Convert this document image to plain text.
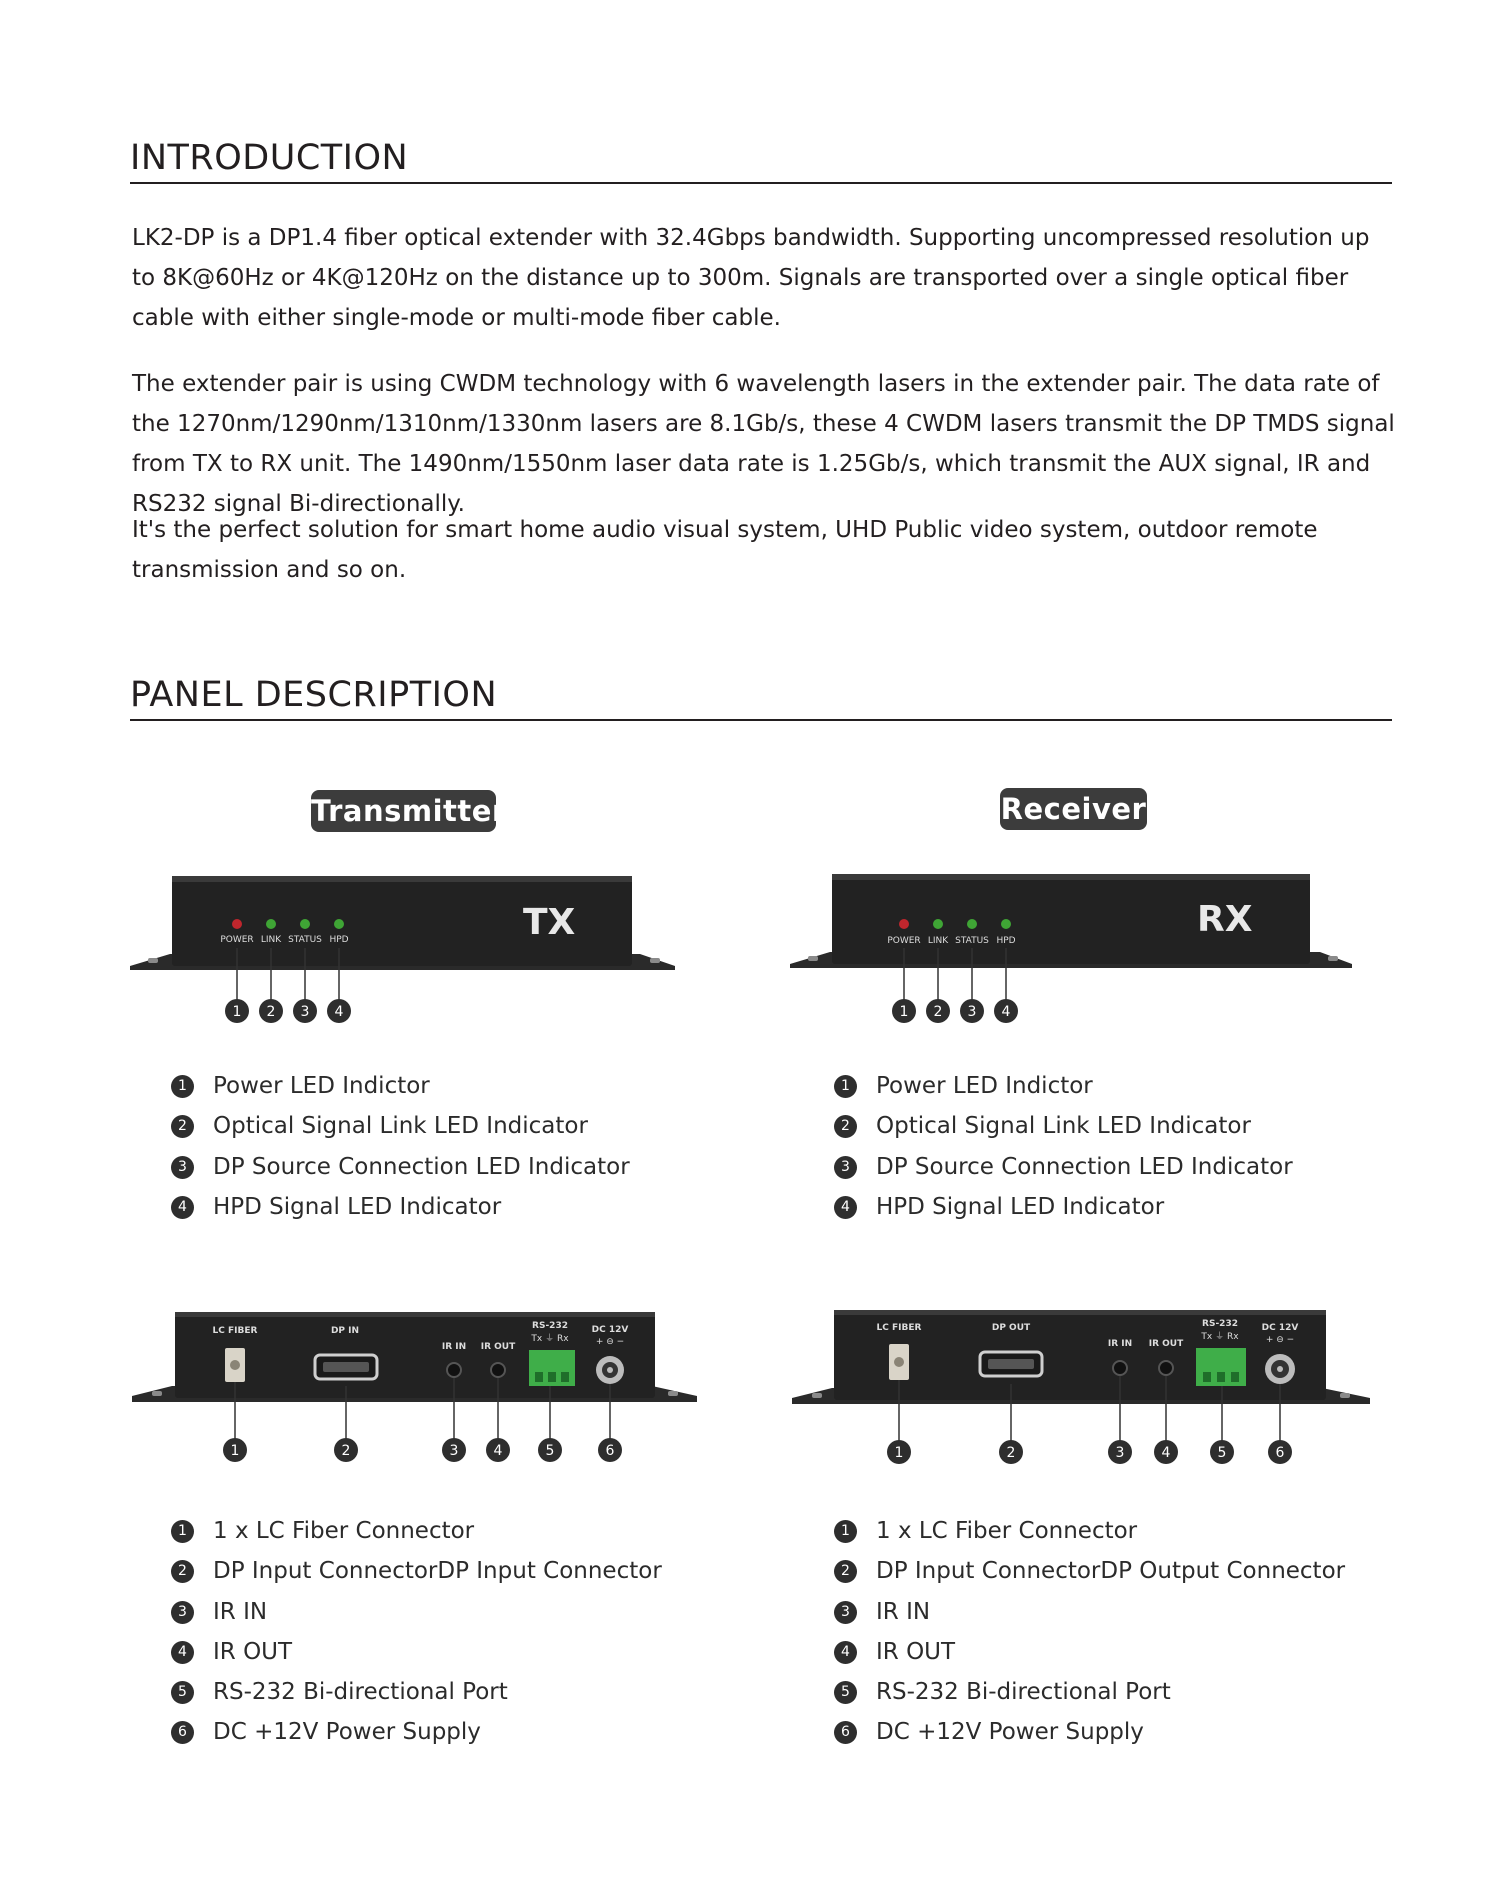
INTRODUCTION

LK2-DP is a DP1.4 fiber optical extender with 32.4Gbps bandwidth. Supporting uncompressed resolution up to 8K@60Hz or 4K@120Hz on the distance up to 300m. Signals are transported over a single optical fiber cable with either single-mode or multi-mode fiber cable.

The extender pair is using CWDM technology with 6 wavelength lasers in the extender pair. The data rate of the 1270nm/1290nm/1310nm/1330nm lasers are 8.1Gb/s, these 4 CWDM lasers transmit the DP TMDS signal from TX to RX unit. The 1490nm/1550nm laser data rate is 1.25Gb/s, which transmit the AUX signal, IR and RS232 signal Bi-directionally.

It's the perfect solution for smart home audio visual system, UHD Public video system, outdoor remote transmission and so on.

PANEL DESCRIPTION
Transmitter	Receiver
TX
POWER LINK STATUS HPD
1 2 3 4
RX
POWER LINK STATUS HPD
1 2 3 4
1	Power LED Indictor
2	Optical Signal Link LED Indicator
3	DP Source Connection LED Indicator
4	HPD Signal LED Indicator
1	Power LED Indictor
2	Optical Signal Link LED Indicator
3	DP Source Connection LED Indicator
4	HPD Signal LED Indicator
LC FIBER	DP IN
IR IN IR OUT
RS-232
Tx ⏚ Rx
DC 12V
+ ⊖ −
1	2	3	4	5	6
LC FIBER	DP OUT
IR IN IR OUT
RS-232
Tx ⏚ Rx
DC 12V
+ ⊖ −
1	2	3	4	5	6
1	1 x LC Fiber Connector
2	DP Input ConnectorDP Input Connector
3	IR IN
4	IR OUT
5	RS-232 Bi-directional Port
6	DC +12V Power Supply
1	1 x LC Fiber Connector
2	DP Input ConnectorDP Output Connector
3	IR IN
4	IR OUT
5	RS-232 Bi-directional Port
6	DC +12V Power Supply
